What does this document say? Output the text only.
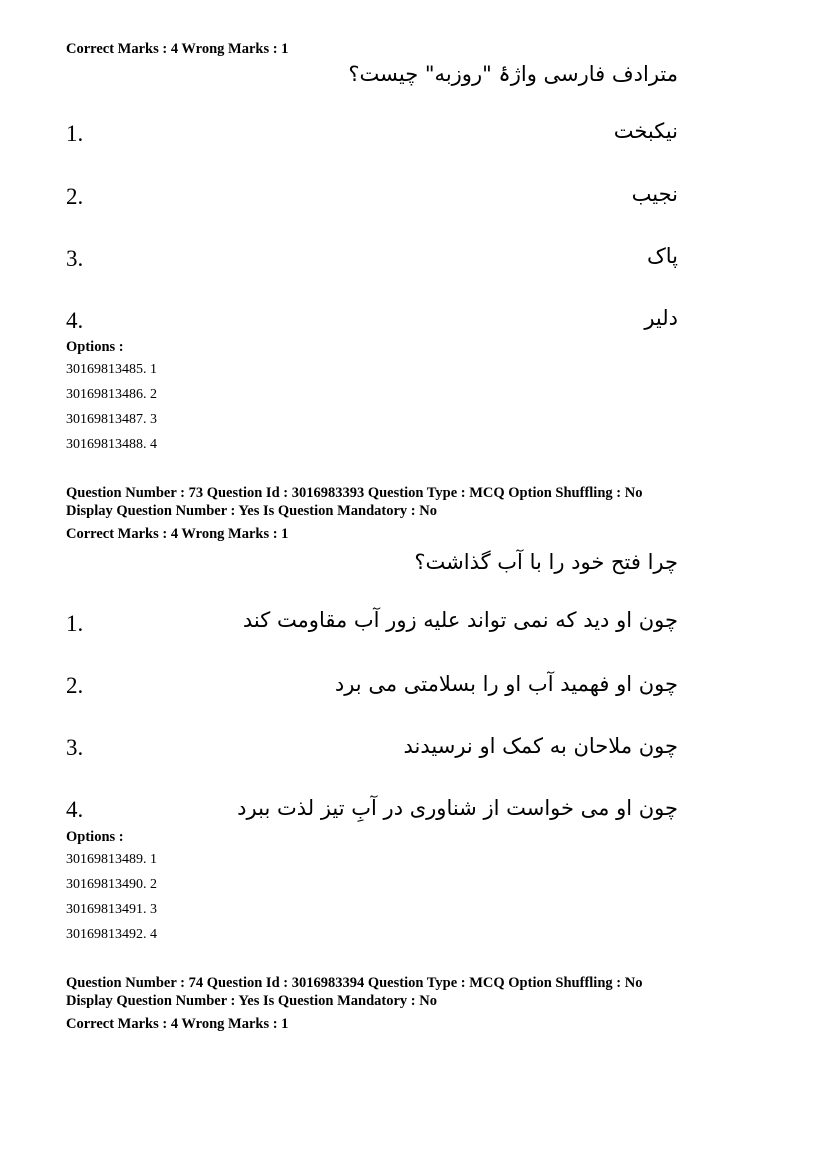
Correct Marks : 4 Wrong Marks : 1
مترادف فارسی واژۂ "روزبه" چیست؟
1.	نیکبخت
2.	نجیب
3.	پاک
4.	دلیر
Options :
30169813485. 1
30169813486. 2
30169813487. 3
30169813488. 4
Question Number : 73 Question Id : 3016983393 Question Type : MCQ Option Shuffling : No
Display Question Number : Yes Is Question Mandatory : No
Correct Marks : 4 Wrong Marks : 1
چرا فتح خود را با آب گذاشت؟
1.	چون او دید که نمی تواند علیه زور آب مقاومت کند
2.	چون او فهمید آب او را بسلامتی می برد
3.	چون ملاحان به کمک او نرسیدند
4.	چون او می خواست از شناوری در آبِ تیز لذت ببرد
Options :
30169813489. 1
30169813490. 2
30169813491. 3
30169813492. 4
Question Number : 74 Question Id : 3016983394 Question Type : MCQ Option Shuffling : No
Display Question Number : Yes Is Question Mandatory : No
Correct Marks : 4 Wrong Marks : 1
